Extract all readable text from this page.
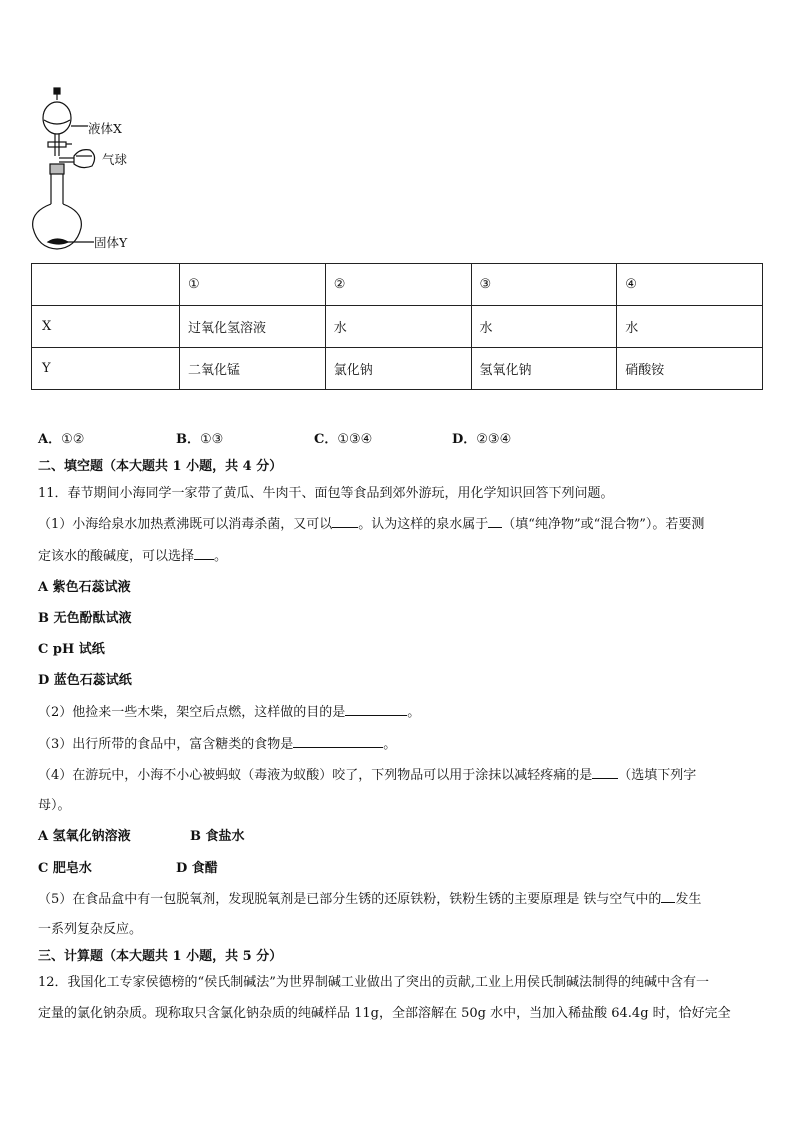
液体X
气球
固体Y
	①	②	③	④
X	过氧化氢溶液	水	水	水
Y	二氧化锰	氯化钠	氢氧化钠	硝酸铵
A．①②	B．①③	C．①③④	D．②③④
二、填空题（本大题共 1 小题，共 4 分）
11．春节期间小海同学一家带了黄瓜、牛肉干、面包等食品到郊外游玩，用化学知识回答下列问题。
（1）小海给泉水加热煮沸既可以消毒杀菌，又可以 。认为这样的泉水属于 （填“纯净物”或“混合物”）。若要测
定该水的酸碱度，可以选择 。
A 紫色石蕊试液
B 无色酚酞试液
C pH 试纸
D 蓝色石蕊试纸
（2）他捡来一些木柴，架空后点燃，这样做的目的是	。
（3）出行所带的食品中，富含糖类的食物是	。
（4）在游玩中，小海不小心被蚂蚁（毒液为蚁酸）咬了，下列物品可以用于涂抹以减轻疼痛的是 （选填下列字
母）。
A 氢氧化钠溶液	B 食盐水
C 肥皂水	D 食醋
（5）在食品盒中有一包脱氧剂，发现脱氧剂是已部分生锈的还原铁粉，铁粉生锈的主要原理是 铁与空气中的 发生
一系列复杂反应。
三、计算题（本大题共 1 小题，共 5 分）
12．我国化工专家侯德榜的“侯氏制碱法”为世界制碱工业做出了突出的贡献,工业上用侯氏制碱法制得的纯碱中含有一
定量的氯化钠杂质。现称取只含氯化钠杂质的纯碱样品 11g，全部溶解在 50g 水中，当加入稀盐酸 64.4g 时，恰好完全
